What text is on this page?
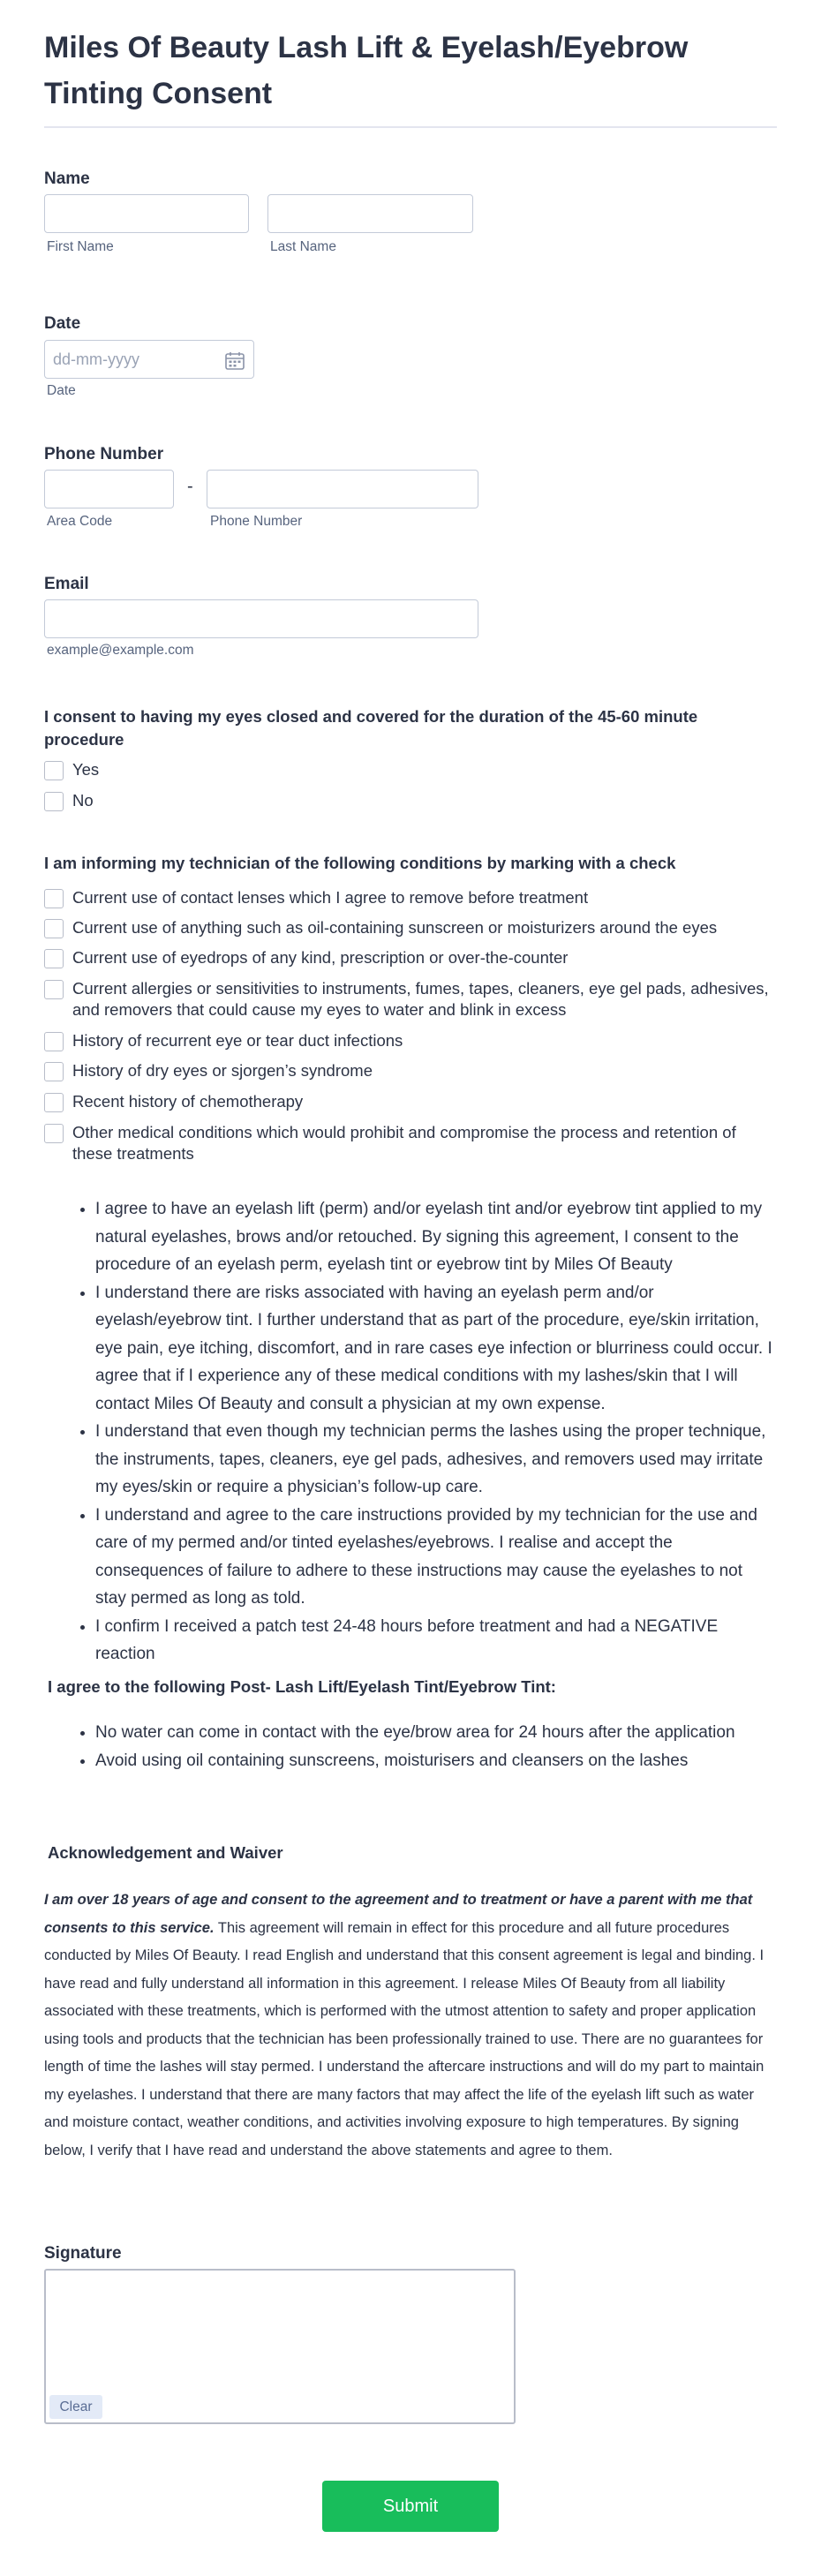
Miles Of Beauty Lash Lift & Eyelash/Eyebrow Tinting Consent
Name
First Name	Last Name
Date
dd-mm-yyyy
Date
Phone Number
-
Area Code	Phone Number
Email
example@example.com
I consent to having my eyes closed and covered for the duration of the 45-60 minute procedure
Yes
No
I am informing my technician of the following conditions by marking with a check
Current use of contact lenses which I agree to remove before treatment
Current use of anything such as oil-containing sunscreen or moisturizers around the eyes
Current use of eyedrops of any kind, prescription or over-the-counter
Current allergies or sensitivities to instruments, fumes, tapes, cleaners, eye gel pads, adhesives, and removers that could cause my eyes to water and blink in excess
History of recurrent eye or tear duct infections
History of dry eyes or sjorgen’s syndrome
Recent history of chemotherapy
Other medical conditions which would prohibit and compromise the process and retention of these treatments
• I agree to have an eyelash lift (perm) and/or eyelash tint and/or eyebrow tint applied to my natural eyelashes, brows and/or retouched. By signing this agreement, I consent to the procedure of an eyelash perm, eyelash tint or eyebrow tint by Miles Of Beauty
• I understand there are risks associated with having an eyelash perm and/or eyelash/eyebrow tint. I further understand that as part of the procedure, eye/skin irritation, eye pain, eye itching, discomfort, and in rare cases eye infection or blurriness could occur. I agree that if I experience any of these medical conditions with my lashes/skin that I will contact Miles Of Beauty and consult a physician at my own expense.
• I understand that even though my technician perms the lashes using the proper technique, the instruments, tapes, cleaners, eye gel pads, adhesives, and removers used may irritate my eyes/skin or require a physician’s follow-up care.
• I understand and agree to the care instructions provided by my technician for the use and care of my permed and/or tinted eyelashes/eyebrows. I realise and accept the consequences of failure to adhere to these instructions may cause the eyelashes to not stay permed as long as told.
• I confirm I received a patch test 24-48 hours before treatment and had a NEGATIVE reaction
I agree to the following Post- Lash Lift/Eyelash Tint/Eyebrow Tint:
• No water can come in contact with the eye/brow area for 24 hours after the application
• Avoid using oil containing sunscreens, moisturisers and cleansers on the lashes
Acknowledgement and Waiver
I am over 18 years of age and consent to the agreement and to treatment or have a parent with me that consents to this service. This agreement will remain in effect for this procedure and all future procedures conducted by Miles Of Beauty. I read English and understand that this consent agreement is legal and binding. I have read and fully understand all information in this agreement. I release Miles Of Beauty from all liability associated with these treatments, which is performed with the utmost attention to safety and proper application using tools and products that the technician has been professionally trained to use. There are no guarantees for length of time the lashes will stay permed. I understand the aftercare instructions and will do my part to maintain my eyelashes. I understand that there are many factors that may affect the life of the eyelash lift such as water and moisture contact, weather conditions, and activities involving exposure to high temperatures. By signing below, I verify that I have read and understand the above statements and agree to them.
Signature
Clear
Submit
